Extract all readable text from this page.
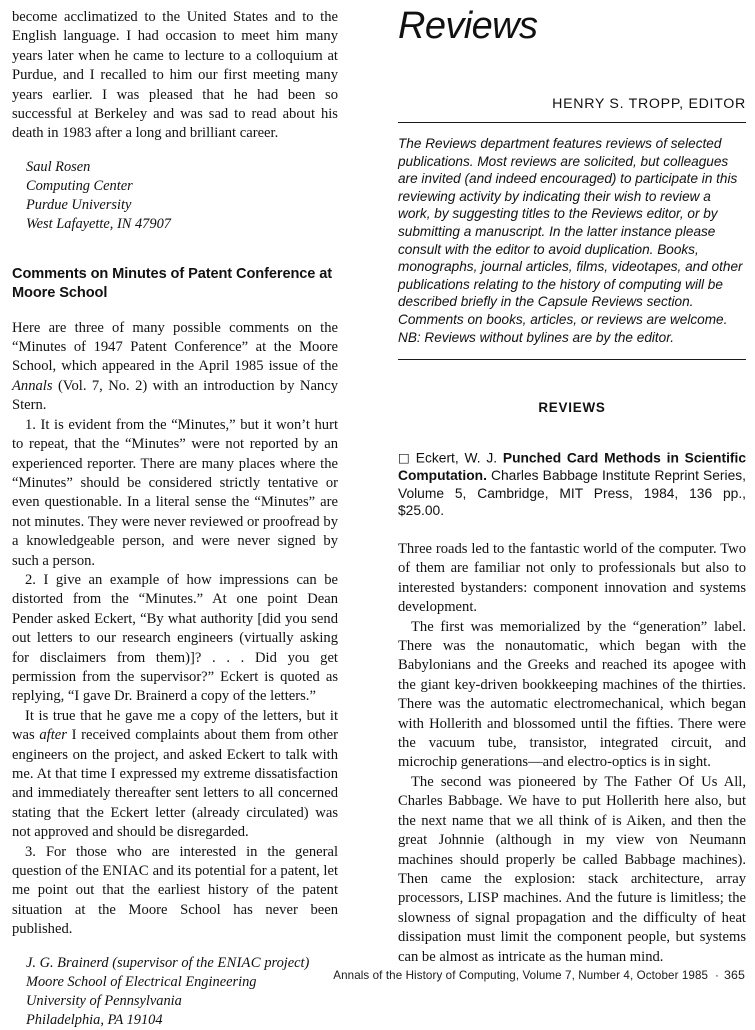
become acclimatized to the United States and to the English language. I had occasion to meet him many years later when he came to lecture to a colloquium at Purdue, and I recalled to him our first meeting many years earlier. I was pleased that he had been so successful at Berkeley and was sad to read about his death in 1983 after a long and brilliant career.

Saul Rosen
Computing Center
Purdue University
West Lafayette, IN 47907
Comments on Minutes of Patent Conference at Moore School

Here are three of many possible comments on the “Minutes of 1947 Patent Conference” at the Moore School, which appeared in the April 1985 issue of the Annals (Vol. 7, No. 2) with an introduction by Nancy Stern.

1. It is evident from the “Minutes,” but it won’t hurt to repeat, that the “Minutes” were not reported by an experienced reporter. There are many places where the “Minutes” should be considered strictly tentative or even questionable. In a literal sense the “Minutes” are not minutes. They were never reviewed or proofread by a knowledgeable person, and were never signed by such a person.

2. I give an example of how impressions can be distorted from the “Minutes.” At one point Dean Pender asked Eckert, “By what authority [did you send out letters to our research engineers (virtually asking for disclaimers from them)]? . . . Did you get permission from the supervisor?” Eckert is quoted as replying, “I gave Dr. Brainerd a copy of the letters.”

It is true that he gave me a copy of the letters, but it was after I received complaints about them from other engineers on the project, and asked Eckert to talk with me. At that time I expressed my extreme dissatisfaction and immediately thereafter sent letters to all concerned stating that the Eckert letter (already circulated) was not approved and should be disregarded.

3. For those who are interested in the general question of the ENIAC and its potential for a patent, let me point out that the earliest history of the patent situation at the Moore School has never been published.

J. G. Brainerd (supervisor of the ENIAC project)
Moore School of Electrical Engineering
University of Pennsylvania
Philadelphia, PA 19104
Reviews
HENRY S. TROPP, EDITOR

The Reviews department features reviews of selected publications. Most reviews are solicited, but colleagues are invited (and indeed encouraged) to participate in this reviewing activity by indicating their wish to review a work, by suggesting titles to the Reviews editor, or by submitting a manuscript. In the latter instance please consult with the editor to avoid duplication. Books, monographs, journal articles, films, videotapes, and other publications relating to the history of computing will be described briefly in the Capsule Reviews section. Comments on books, articles, or reviews are welcome. NB: Reviews without bylines are by the editor.

REVIEWS

□ Eckert, W. J. Punched Card Methods in Scientific Computation. Charles Babbage Institute Reprint Series, Volume 5, Cambridge, MIT Press, 1984, 136 pp., $25.00.

Three roads led to the fantastic world of the computer. Two of them are familiar not only to professionals but also to interested bystanders: component innovation and systems development.

The first was memorialized by the “generation” label. There was the nonautomatic, which began with the Babylonians and the Greeks and reached its apogee with the giant key-driven bookkeeping machines of the thirties. There was the automatic electromechanical, which began with Hollerith and blossomed until the fifties. There were the vacuum tube, transistor, integrated circuit, and microchip generations—and electro-optics is in sight.

The second was pioneered by The Father Of Us All, Charles Babbage. We have to put Hollerith here also, but the next name that we all think of is Aiken, and then the great Johnnie (although in my view von Neumann machines should properly be called Babbage machines). Then came the explosion: stack architecture, array processors, LISP machines. And the future is limitless; the slowness of signal propagation and the difficulty of heat dissipation must limit the component people, but systems can be almost as intricate as the human mind.

Annals of the History of Computing, Volume 7, Number 4, October 1985 · 365
